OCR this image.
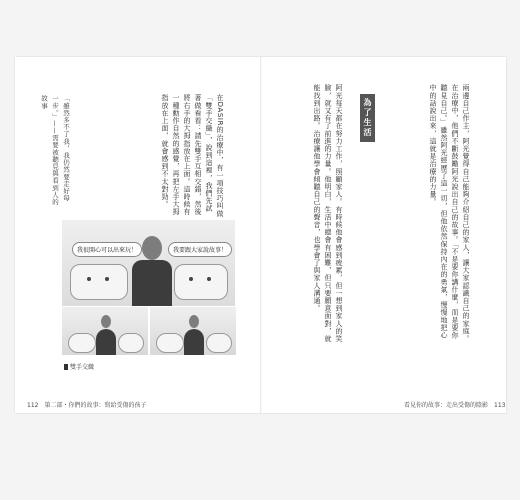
兩邊自己作主，阿光覺得自己能夠介紹自己的家人，讓大家認識自己的家庭。在治療中，他們不斷鼓勵阿光說出自己的故事。「不是要你講什麼，而是要你聽見自己。」雖然阿光經歷了這一切，但他依然保持內在的勇氣，慢慢地把心中的話說出來，這就是治療的力量。

為了生活

阿光每天都在努力工作，照顧家人。有時候他會感到疲累，但一想到家人的笑臉，就又有了前進的力量。他明白，生活中總會有困難，但只要願意面對，就能找到出路。治療讓他學會傾聽自己的聲音，也學會了與家人溝通。

在DASIR的治療中，有一項技巧叫做「雙手交織」，說到這裡，我們先試著做看看：請先雙手互相交錯，然後將右手的大拇指放在上面。這時候有一種動作自然的感覺，再把左手大拇指放在上面，就會感到不太對勁。

「雖然多不了我，我仍然要走好每一步。」——需要被聽見與看到人的故事
我很開心可以出來玩！	我要跟大家說故事！
雙手交織
112　第二部・你們的故事：寫給受傷的孩子	看見你的故事：走出受傷的陰影　113
